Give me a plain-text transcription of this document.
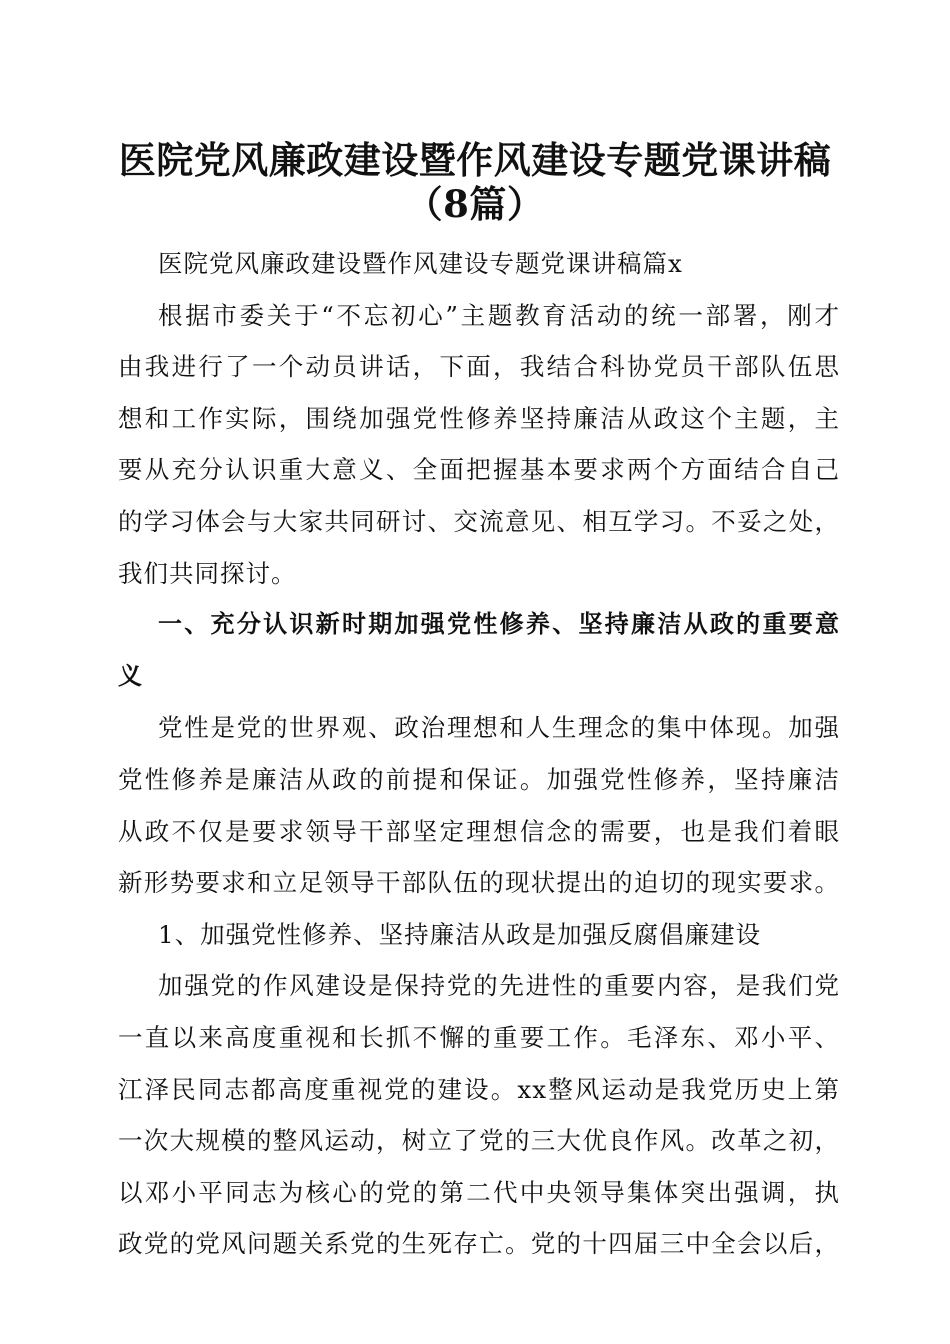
医院党风廉政建设暨作风建设专题党课讲稿
（8篇）
医院党风廉政建设暨作风建设专题党课讲稿篇x
根据市委关于“不忘初心”主题教育活动的统一部署，刚才
由我进行了一个动员讲话，下面，我结合科协党员干部队伍思
想和工作实际，围绕加强党性修养坚持廉洁从政这个主题，主
要从充分认识重大意义、全面把握基本要求两个方面结合自己
的学习体会与大家共同研讨、交流意见、相互学习。不妥之处，
我们共同探讨。
一、充分认识新时期加强党性修养、坚持廉洁从政的重要意
义
党性是党的世界观、政治理想和人生理念的集中体现。加强
党性修养是廉洁从政的前提和保证。加强党性修养，坚持廉洁
从政不仅是要求领导干部坚定理想信念的需要，也是我们着眼
新形势要求和立足领导干部队伍的现状提出的迫切的现实要求。
1、加强党性修养、坚持廉洁从政是加强反腐倡廉建设
加强党的作风建设是保持党的先进性的重要内容，是我们党
一直以来高度重视和长抓不懈的重要工作。毛泽东、邓小平、
江泽民同志都高度重视党的建设。xx整风运动是我党历史上第
一次大规模的整风运动，树立了党的三大优良作风。改革之初，
以邓小平同志为核心的党的第二代中央领导集体突出强调，执
政党的党风问题关系党的生死存亡。党的十四届三中全会以后，
